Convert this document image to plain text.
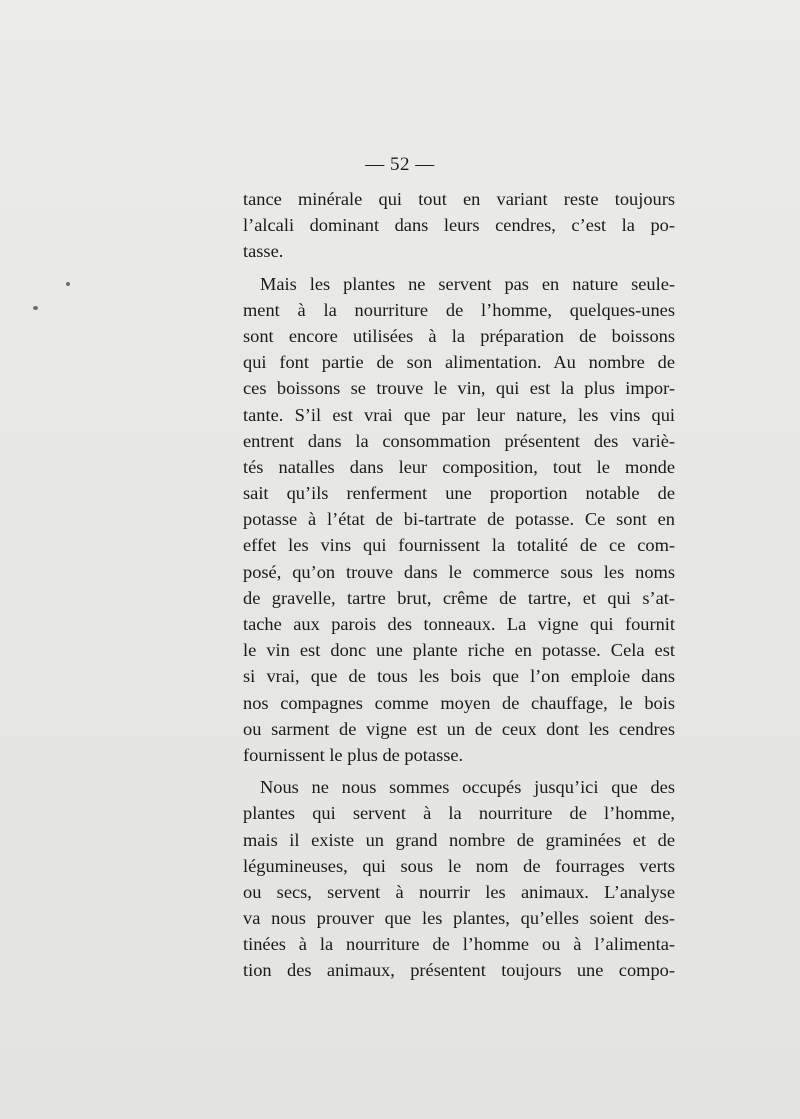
— 52 —

tance minérale qui tout en variant reste toujours
l’alcali dominant dans leurs cendres, c’est la po-
tasse.

Mais les plantes ne servent pas en nature seule-
ment à la nourriture de l’homme, quelques-unes
sont encore utilisées à la préparation de boissons
qui font partie de son alimentation. Au nombre de
ces boissons se trouve le vin, qui est la plus impor-
tante. S’il est vrai que par leur nature, les vins qui
entrent dans la consommation présentent des variè-
tés natalles dans leur composition, tout le monde
sait qu’ils renferment une proportion notable de
potasse à l’état de bi-tartrate de potasse. Ce sont en
effet les vins qui fournissent la totalité de ce com-
posé, qu’on trouve dans le commerce sous les noms
de gravelle, tartre brut, crême de tartre, et qui s’at-
tache aux parois des tonneaux. La vigne qui fournit
le vin est donc une plante riche en potasse. Cela est
si vrai, que de tous les bois que l’on emploie dans
nos compagnes comme moyen de chauffage, le bois
ou sarment de vigne est un de ceux dont les cendres
fournissent le plus de potasse.

Nous ne nous sommes occupés jusqu’ici que des
plantes qui servent à la nourriture de l’homme,
mais il existe un grand nombre de graminées et de
légumineuses, qui sous le nom de fourrages verts
ou secs, servent à nourrir les animaux. L’analyse
va nous prouver que les plantes, qu’elles soient des-
tinées à la nourriture de l’homme ou à l’alimenta-
tion des animaux, présentent toujours une compo-
